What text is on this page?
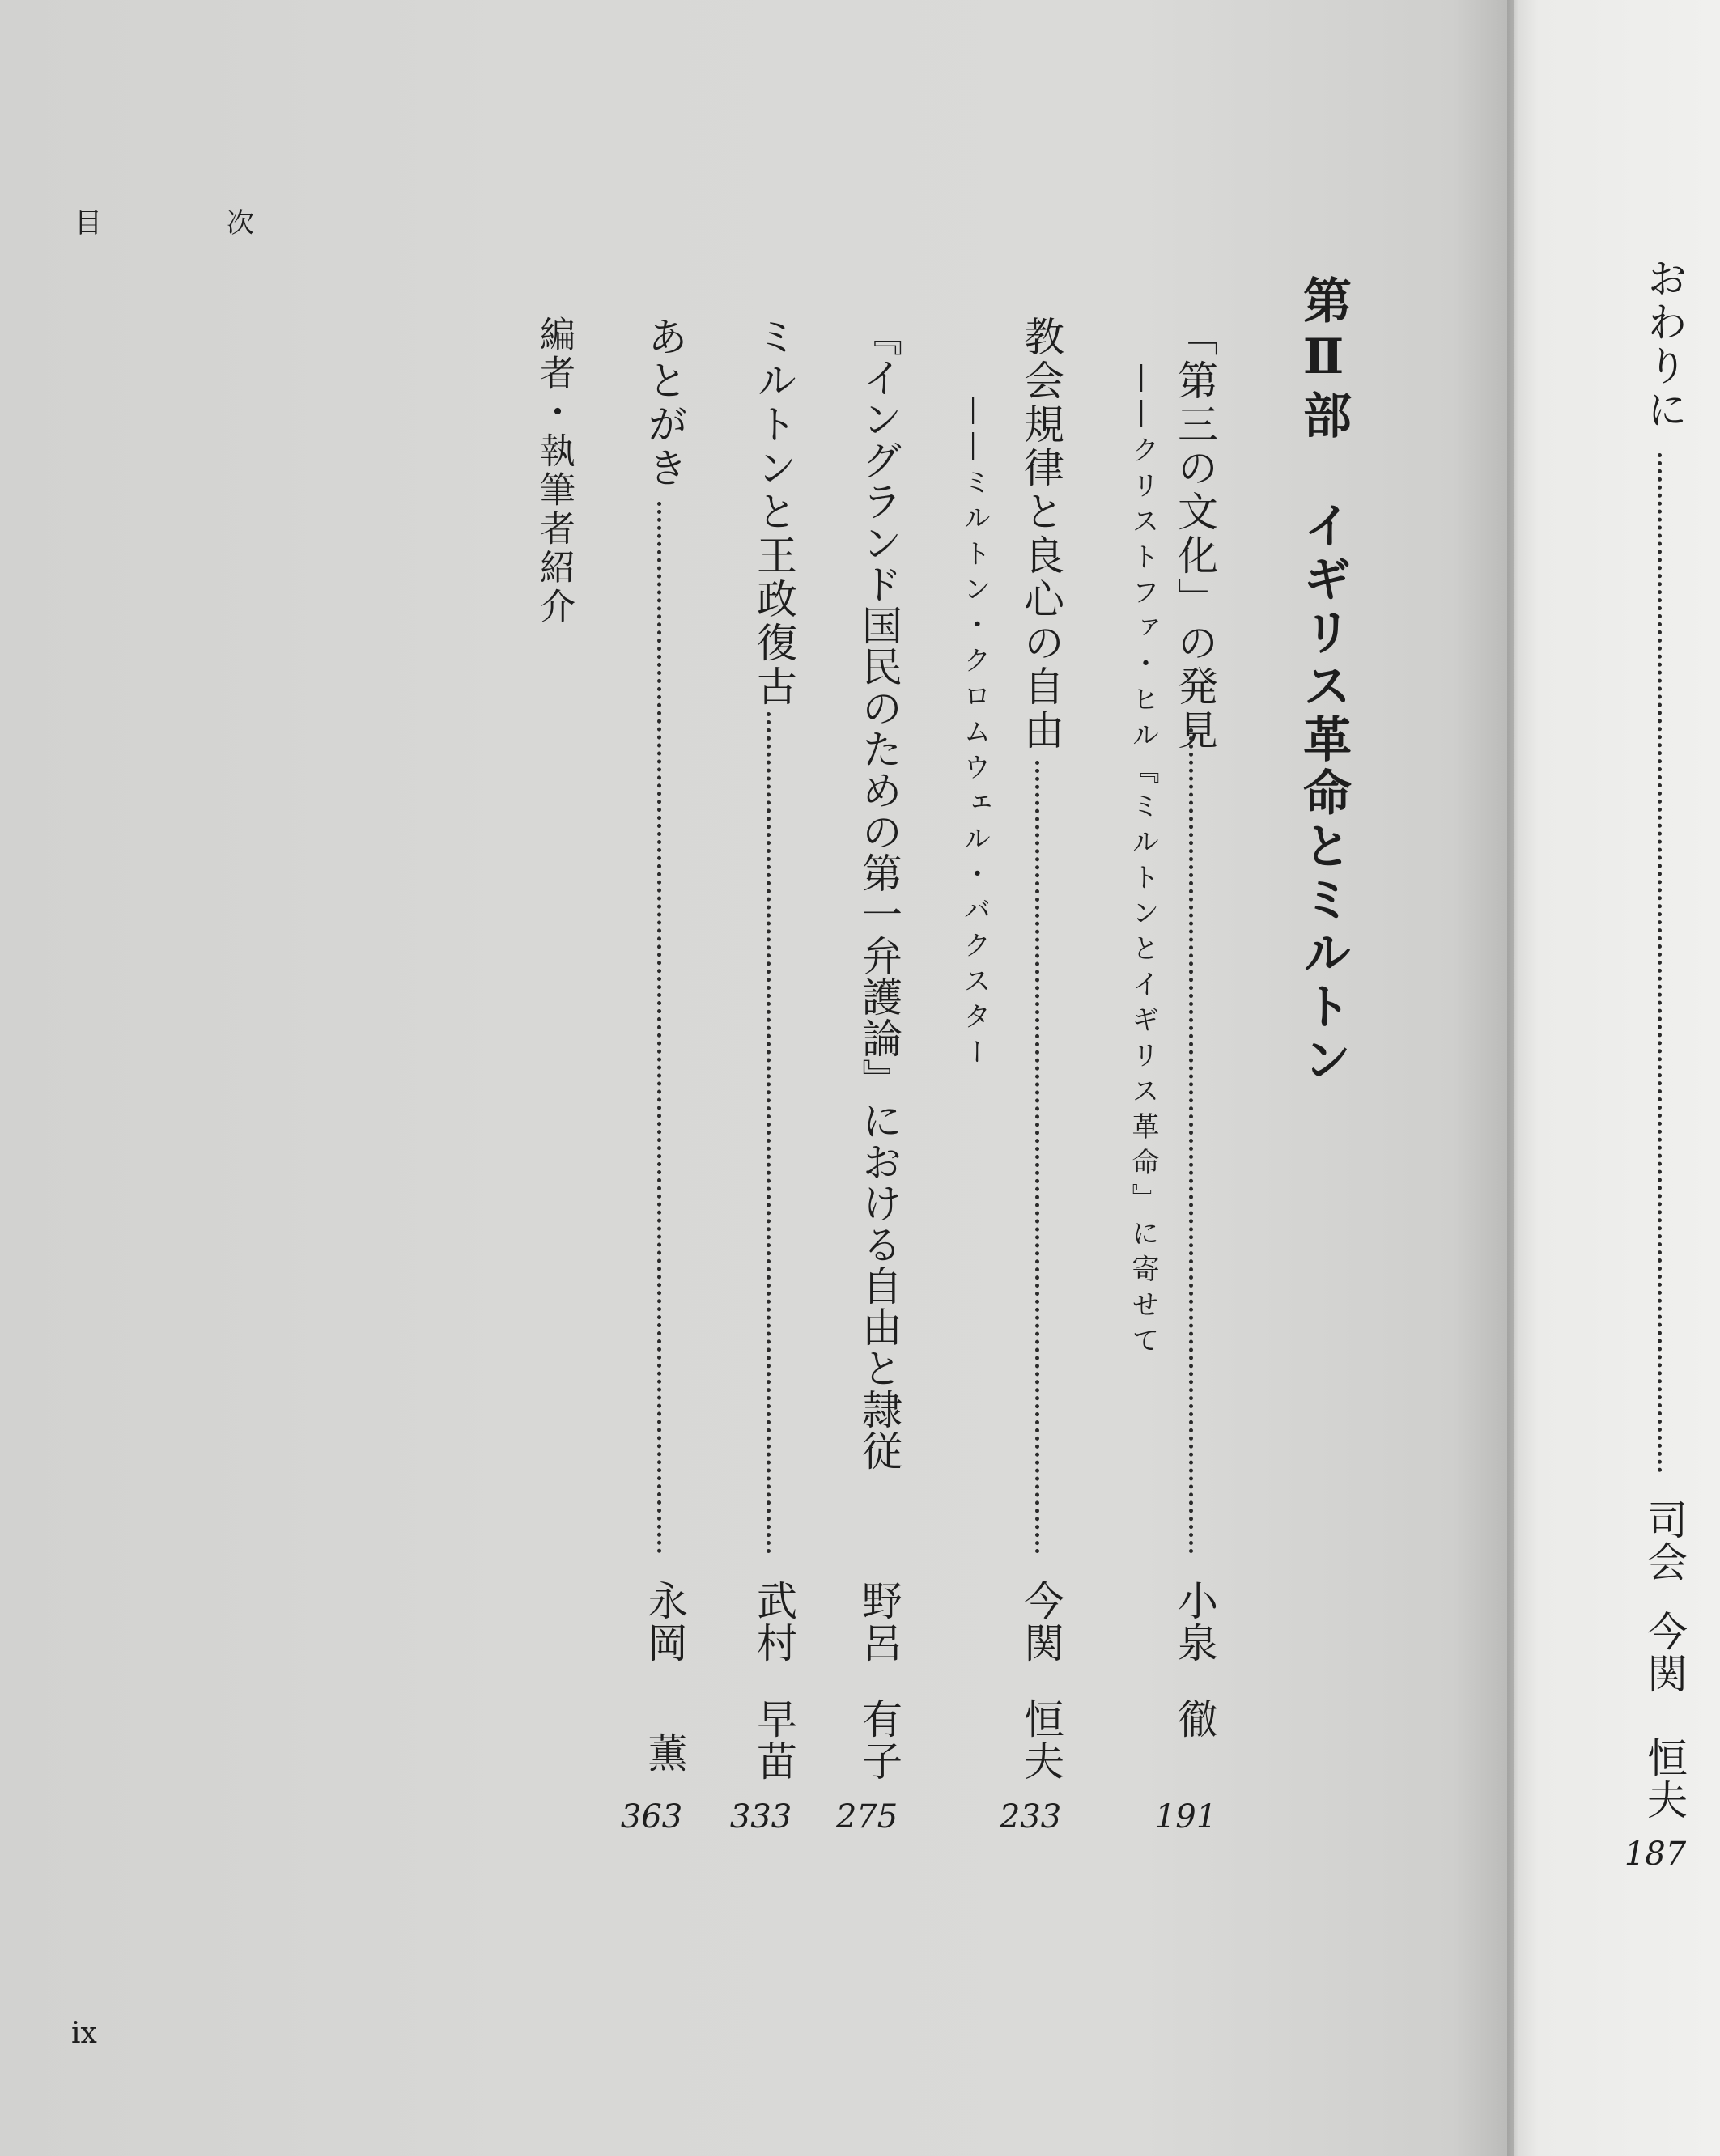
おわりに
司会
今関　恒夫
187
第Ⅱ部イギリス革命とミルトン
「第三の文化」の発見
――クリストファ・ヒル『ミルトンとイギリス革命』に寄せて
小泉徹
191
教会規律と良心の自由
――ミルトン・クロムウェル・バクスター
今関恒夫
233
『イングランド国民のための第一弁護論』における自由と隷従
野呂有子
275
ミルトンと王政復古
武村早苗
333
あとがき
永岡薫
363
編者・執筆者紹介
目　次
ix
